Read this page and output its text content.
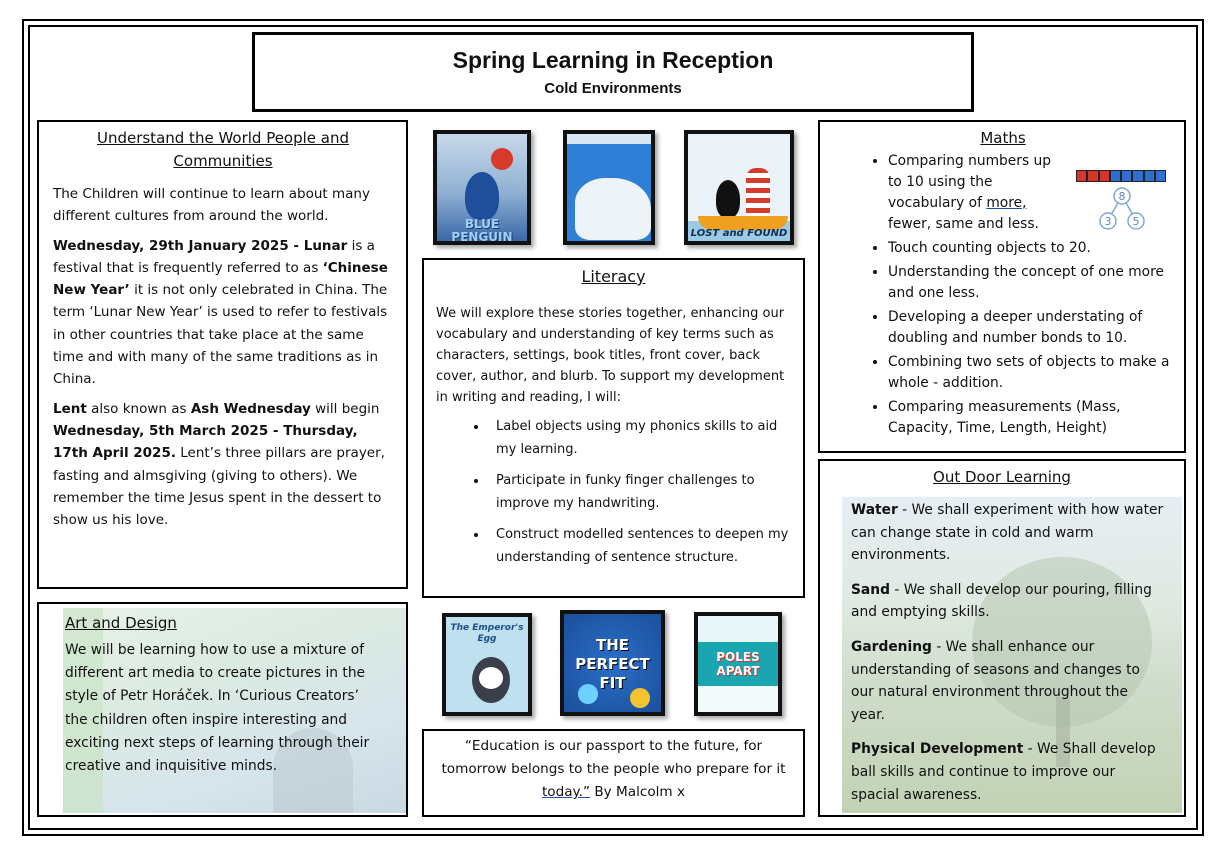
Spring Learning in Reception
Cold Environments
Understand the World People and Communities

The Children will continue to learn about many different cultures from around the world.

Wednesday, 29th January 2025 - Lunar is a festival that is frequently referred to as ‘Chinese New Year’ it is not only celebrated in China. The term ‘Lunar New Year’ is used to refer to festivals in other countries that take place at the same time and with many of the same traditions as in China.

Lent also known as Ash Wednesday will begin Wednesday, 5th March 2025 - Thursday, 17th April 2025. Lent’s three pillars are prayer, fasting and almsgiving (giving to others). We remember the time Jesus spent in the dessert to show us his love.

Art and Design

We will be learning how to use a mixture of different art media to create pictures in the style of Petr Horáček. In ‘Curious Creators’ the children often inspire interesting and exciting next steps of learning through their creative and inquisitive minds.

BLUE PENGUIN	LOST and FOUND
Literacy

We will explore these stories together, enhancing our vocabulary and understanding of key terms such as characters, settings, book titles, front cover, back cover, author, and blurb. To support my development in writing and reading, I will:

• Label objects using my phonics skills to aid my learning.
• Participate in funky finger challenges to improve my handwriting.
• Construct modelled sentences to deepen my understanding of sentence structure.
The Emperor's Egg	THE PERFECT FIT
POLES APART

“Education is our passport to the future, for tomorrow belongs to the people who prepare for it today.” By Malcolm x

Maths
• Comparing numbers up to 10 using the vocabulary of more, fewer, same and less.
• Touch counting objects to 20.
• Understanding the concept of one more and one less.
• Developing a deeper understating of doubling and number bonds to 10.
• Combining two sets of objects to make a whole - addition.
• Comparing measurements (Mass, Capacity, Time, Length, Height)
8
3 5
Out Door Learning

Water - We shall experiment with how water can change state in cold and warm environments.

Sand - We shall develop our pouring, filling and emptying skills.

Gardening - We shall enhance our understanding of seasons and changes to our natural environment throughout the year.

Physical Development - We Shall develop ball skills and continue to improve our spacial awareness.
